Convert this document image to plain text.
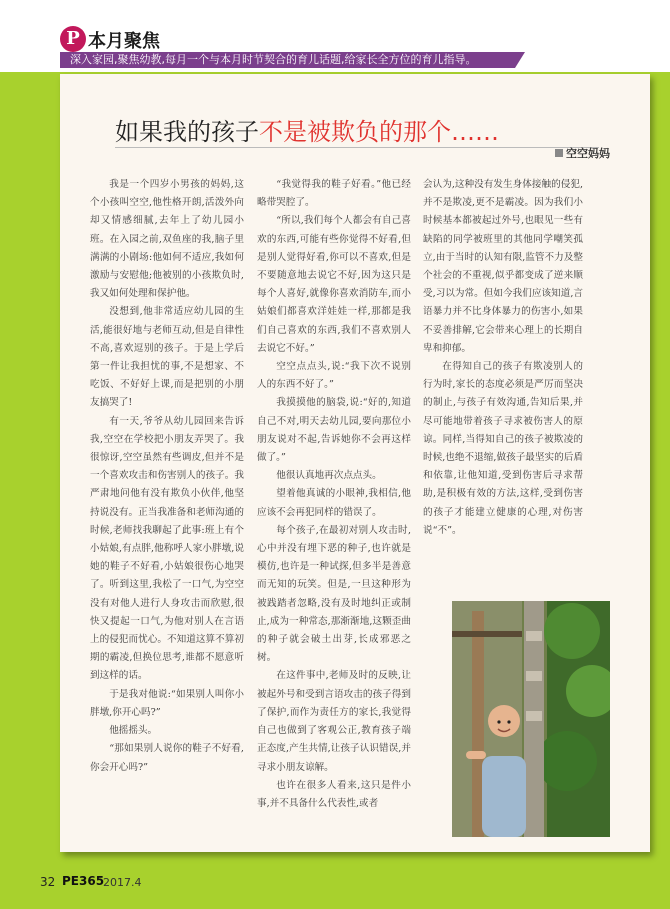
P 本月聚焦
深入家园,聚焦幼教,每月一个与本月时节契合的育儿话题,给家长全方位的育儿指导。
如果我的孩子不是被欺负的那个……
空空妈妈

我是一个四岁小男孩的妈妈,这个小孩叫空空,他性格开朗,活泼外向却又情感细腻,去年上了幼儿园小班。在入园之前,双鱼座的我,脑子里满满的小剧场:他如何不适应,我如何激励与安慰他;他被别的小孩欺负时,我又如何处理和保护他。

没想到,他非常适应幼儿园的生活,能很好地与老师互动,但是自律性不高,喜欢逗别的孩子。于是上学后第一件让我担忧的事,不是想家、不吃饭、不好好上课,而是把别的小朋友搞哭了!

有一天,爷爷从幼儿园回来告诉我,空空在学校把小朋友弄哭了。我很惊讶,空空虽然有些调皮,但并不是一个喜欢攻击和伤害别人的孩子。我严肃地问他有没有欺负小伙伴,他坚持说没有。正当我准备和老师沟通的时候,老师找我聊起了此事:班上有个小姑娘,有点胖,他称呼人家小胖墩,说她的鞋子不好看,小姑娘很伤心地哭了。听到这里,我松了一口气,为空空没有对他人进行人身攻击而欣慰,很快又提起一口气,为他对别人在言语上的侵犯而忧心。不知道这算不算初期的霸凌,但换位思考,谁都不愿意听到这样的话。

于是我对他说:“如果别人叫你小胖墩,你开心吗?”

他摇摇头。

“那如果别人说你的鞋子不好看,你会开心吗?”

“我觉得我的鞋子好看。”他已经略带哭腔了。

“所以,我们每个人都会有自己喜欢的东西,可能有些你觉得不好看,但是别人觉得好看,你可以不喜欢,但是不要随意地去说它不好,因为这只是每个人喜好,就像你喜欢消防车,而小姑娘们都喜欢洋娃娃一样,那都是我们自己喜欢的东西,我们不喜欢别人去说它不好。”

空空点点头,说:“我下次不说别人的东西不好了。”

我摸摸他的脑袋,说:“好的,知道自己不对,明天去幼儿园,要向那位小朋友说对不起,告诉她你不会再这样做了。”

他很认真地再次点点头。

望着他真诚的小眼神,我相信,他应该不会再犯同样的错误了。

每个孩子,在最初对别人攻击时,心中并没有埋下恶的种子,也许就是模仿,也许是一种试探,但多半是善意而无知的玩笑。但是,一旦这种形为被践踏者忽略,没有及时地纠正或制止,成为一种常态,那渐渐地,这颗歪曲的种子就会破土出芽,长成邪恶之树。

在这件事中,老师及时的反映,让被起外号和受到言语攻击的孩子得到了保护,而作为责任方的家长,我觉得自己也做到了客观公正,教育孩子端正态度,产生共情,让孩子认识错误,并寻求小朋友谅解。

也许在很多人看来,这只是件小事,并不具备什么代表性,或者

会认为,这种没有发生身体接触的侵犯,并不是欺凌,更不是霸凌。因为我们小时候基本都被起过外号,也眼见一些有缺陷的同学被班里的其他同学嘲笑孤立,由于当时的认知有限,监管不力及整个社会的不重视,似乎都变成了逆来顺受,习以为常。但如今我们应该知道,言语暴力并不比身体暴力的伤害小,如果不妥善排解,它会带来心理上的长期自卑和抑郁。

在得知自己的孩子有欺凌别人的行为时,家长的态度必须是严厉而坚决的制止,与孩子有效沟通,告知后果,并尽可能地带着孩子寻求被伤害人的原谅。同样,当得知自己的孩子被欺凌的时候,也绝不退缩,做孩子最坚实的后盾和依靠,让他知道,受到伤害后寻求帮助,是积极有效的方法,这样,受到伤害的孩子才能建立健康的心理,对伤害说“不”。

32 PE365
2017.4
